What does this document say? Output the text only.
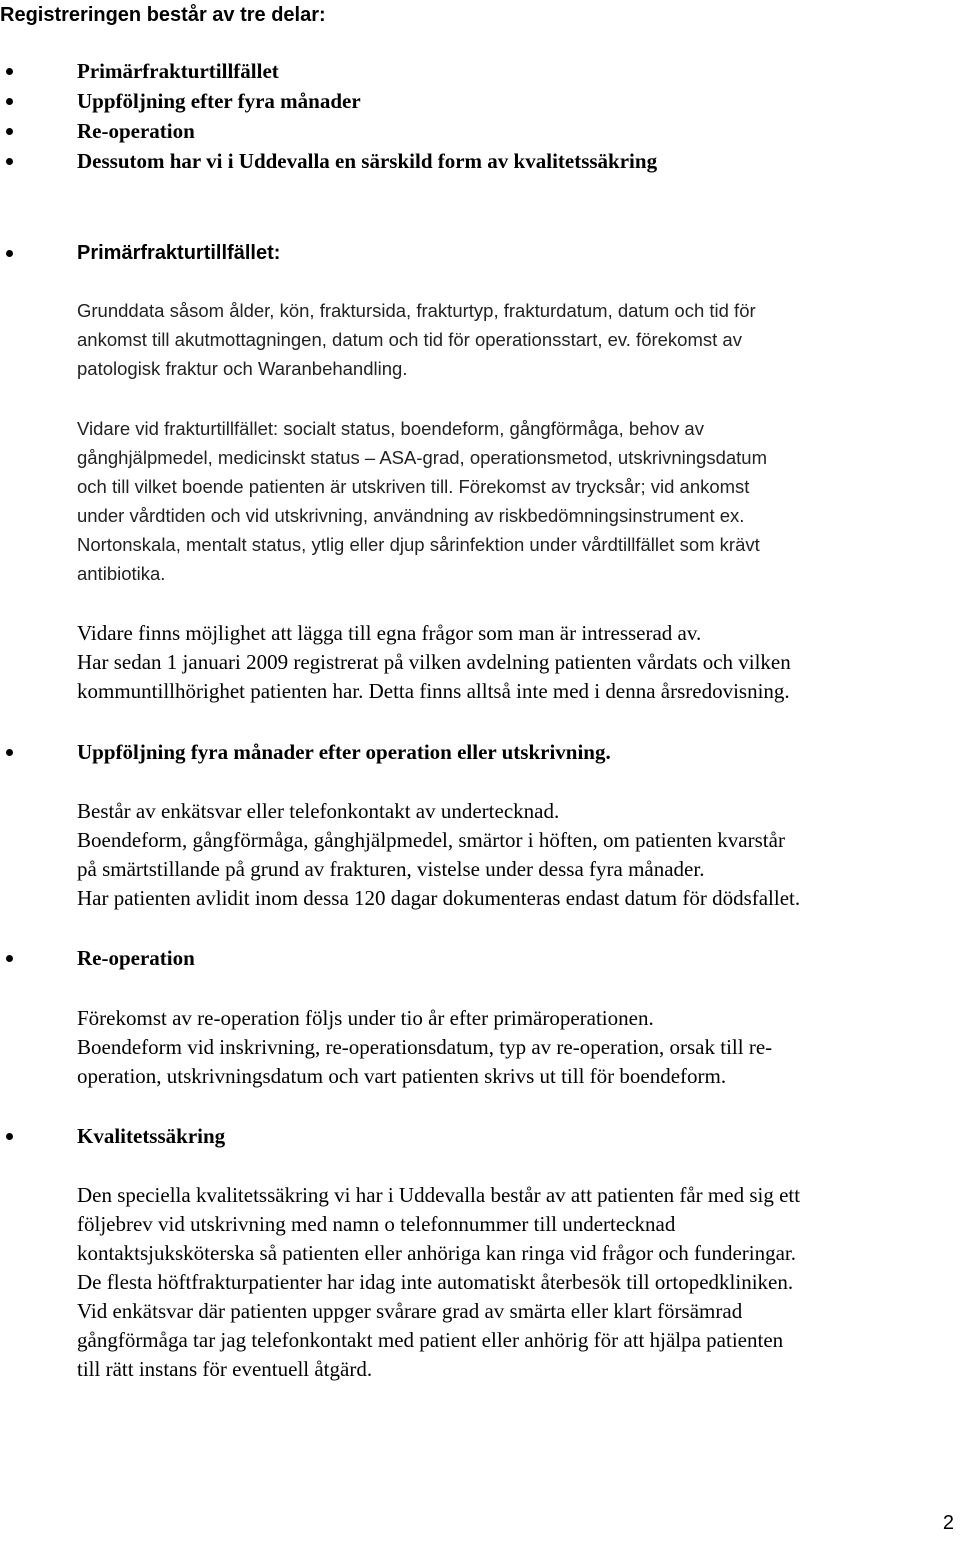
Registreringen består av tre delar:

Primärfrakturtillfället

Uppföljning efter fyra månader

Re-operation

Dessutom har vi i Uddevalla en särskild form av kvalitetssäkring

Primärfrakturtillfället:

Grunddata såsom ålder, kön, fraktursida, frakturtyp, frakturdatum, datum och tid för

ankomst till akutmottagningen, datum och tid för operationsstart, ev. förekomst av

patologisk fraktur och Waranbehandling.

Vidare vid frakturtillfället: socialt status, boendeform, gångförmåga, behov av

gånghjälpmedel, medicinskt status – ASA-grad, operationsmetod, utskrivningsdatum

och till vilket boende patienten är utskriven till. Förekomst av trycksår; vid ankomst

under vårdtiden och vid utskrivning, användning av riskbedömningsinstrument ex.

Nortonskala, mentalt status, ytlig eller djup sårinfektion under vårdtillfället som krävt

antibiotika.

Vidare finns möjlighet att lägga till egna frågor som man är intresserad av.

Har sedan 1 januari 2009 registrerat på vilken avdelning patienten vårdats och vilken

kommuntillhörighet patienten har. Detta finns alltså inte med i denna årsredovisning.

Uppföljning fyra månader efter operation eller utskrivning.

Består av enkätsvar eller telefonkontakt av undertecknad.

Boendeform, gångförmåga, gånghjälpmedel, smärtor i höften, om patienten kvarstår

på smärtstillande på grund av frakturen, vistelse under dessa fyra månader.

Har patienten avlidit inom dessa 120 dagar dokumenteras endast datum för dödsfallet.

Re-operation

Förekomst av re-operation följs under tio år efter primäroperationen.

Boendeform vid inskrivning, re-operationsdatum, typ av re-operation, orsak till re-

operation, utskrivningsdatum och vart patienten skrivs ut till för boendeform.

Kvalitetssäkring

Den speciella kvalitetssäkring vi har i Uddevalla består av att patienten får med sig ett

följebrev vid utskrivning med namn o telefonnummer till undertecknad

kontaktsjuksköterska så patienten eller anhöriga kan ringa vid frågor och funderingar.

De flesta höftfrakturpatienter har idag inte automatiskt återbesök till ortopedkliniken.

Vid enkätsvar där patienten uppger svårare grad av smärta eller klart försämrad

gångförmåga tar jag telefonkontakt med patient eller anhörig för att hjälpa patienten

till rätt instans för eventuell åtgärd.

2
